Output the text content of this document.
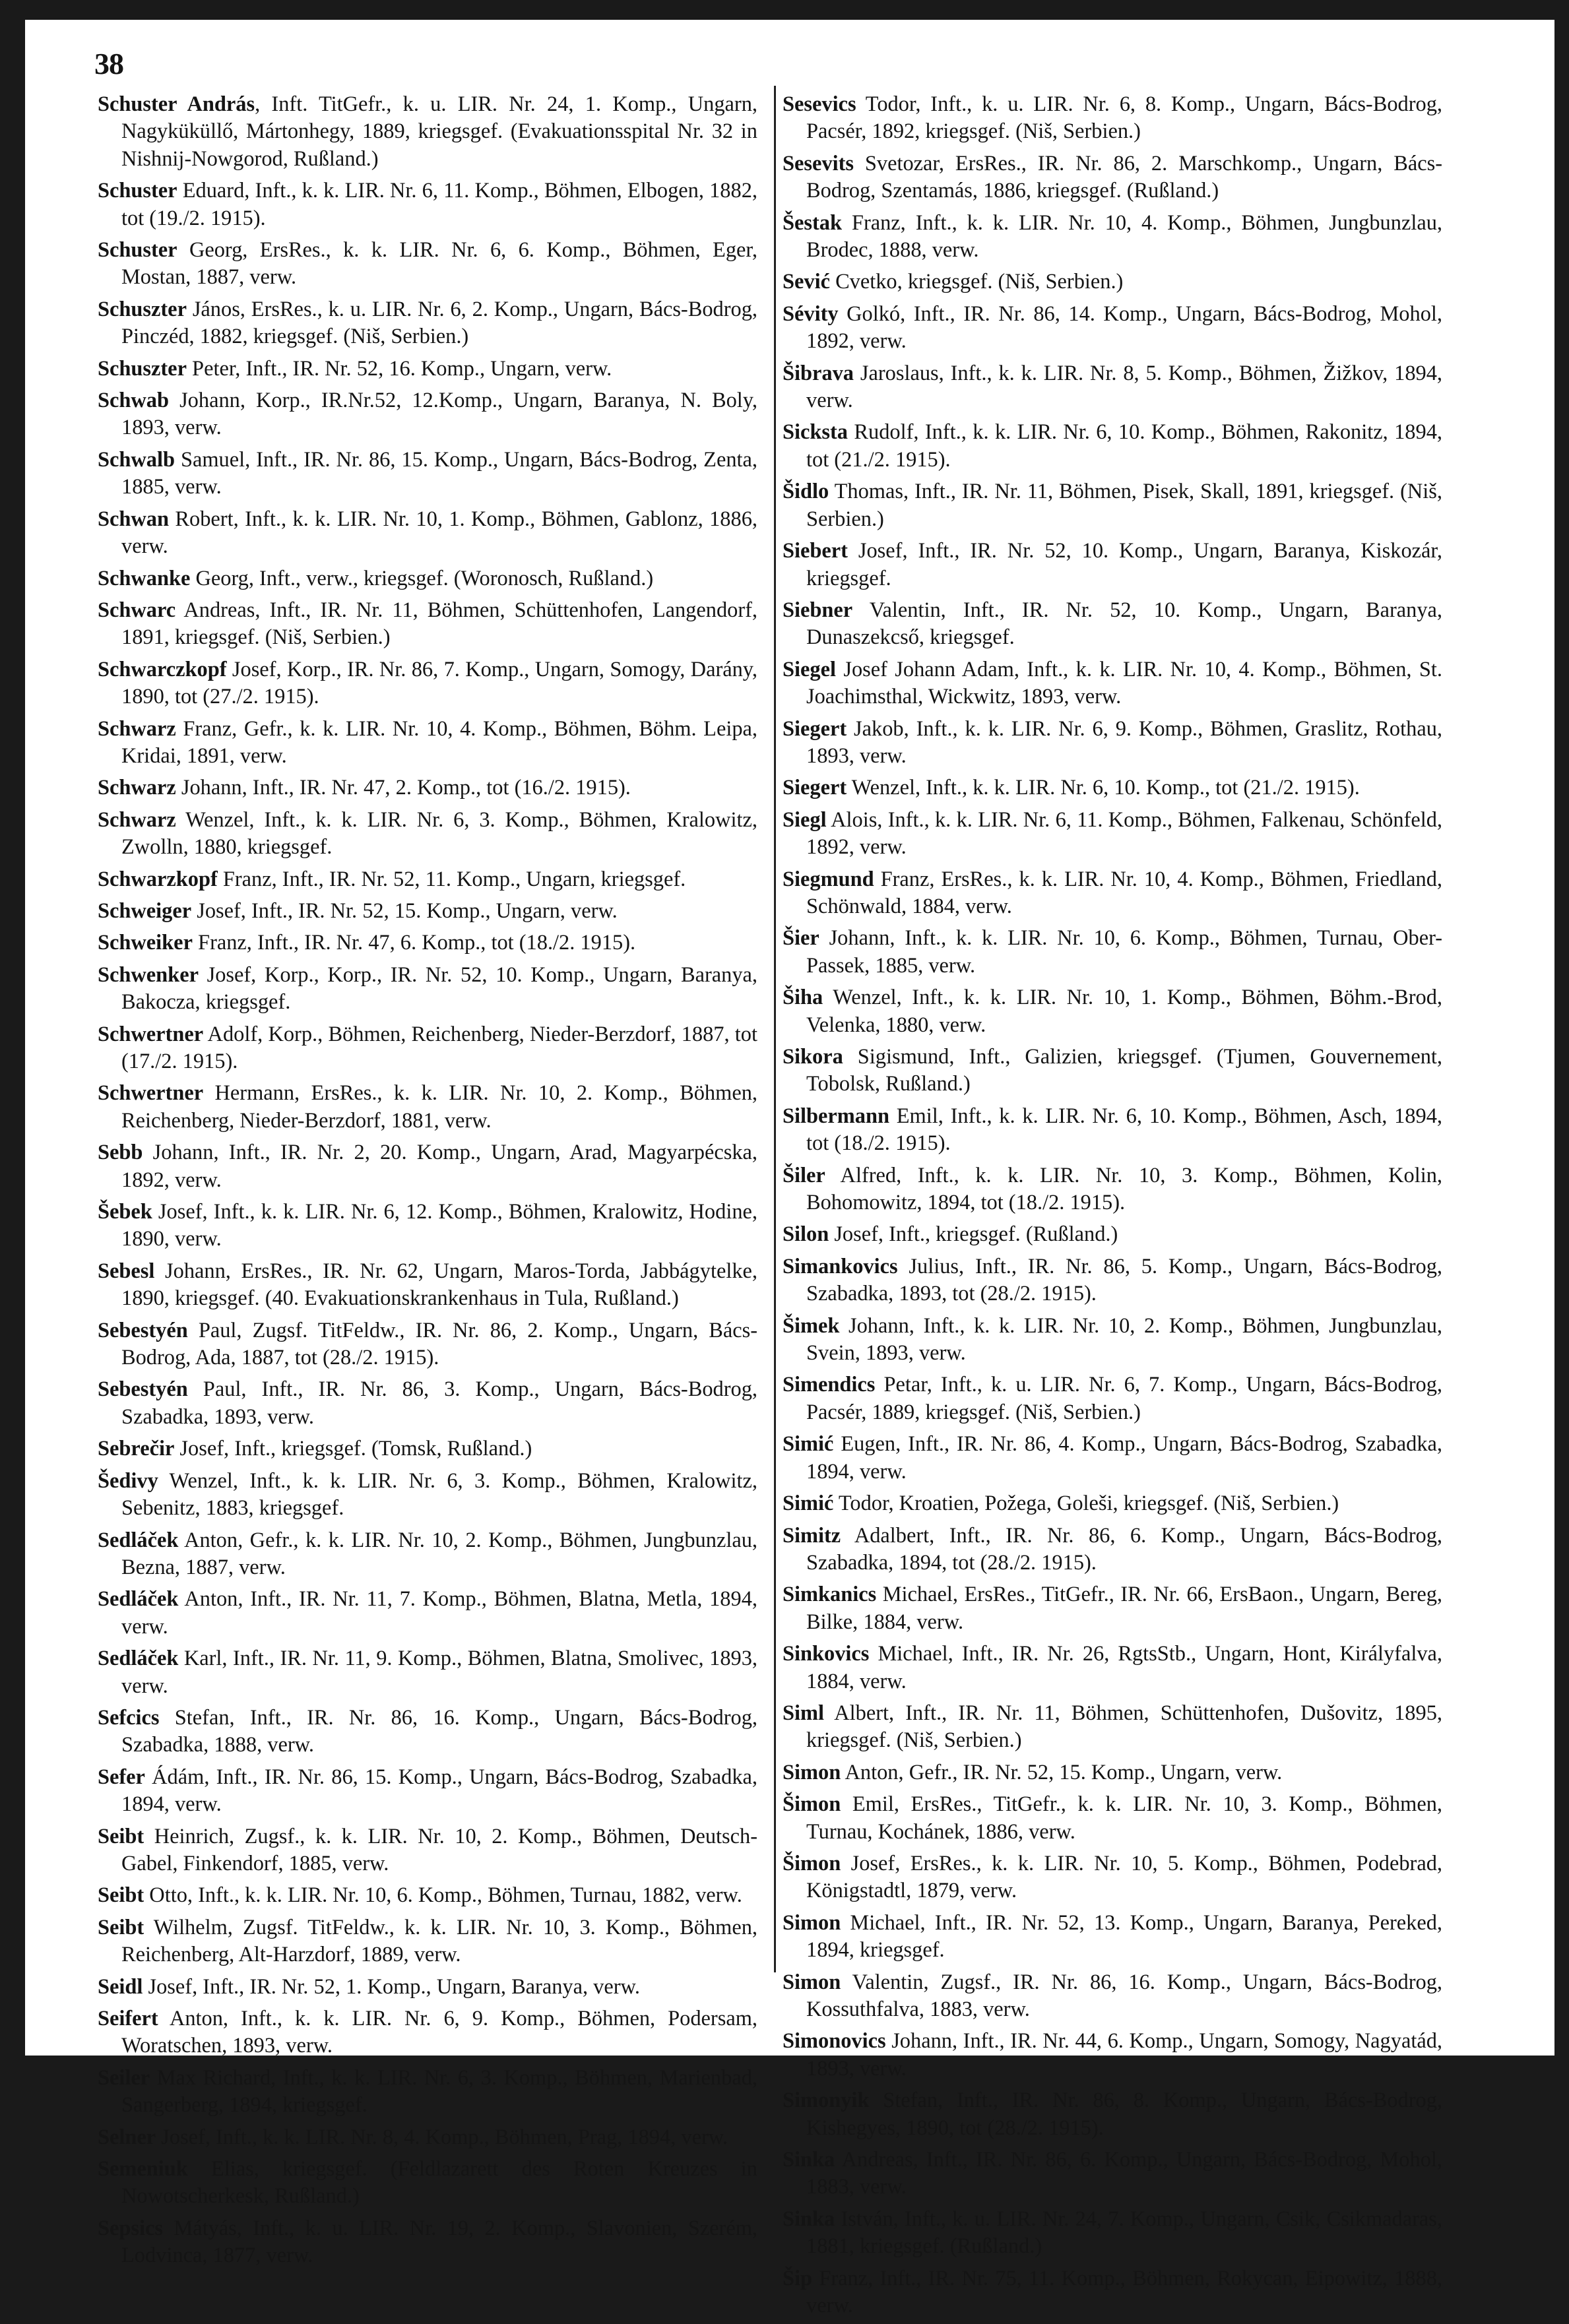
38
Schuster András, Inft. TitGefr., k. u. LIR. Nr. 24, 1. Komp., Ungarn, Nagyküküllő, Mártonhegy, 1889, kriegsgef. (Evakuationsspital Nr. 32 in Nishnij-Nowgorod, Rußland.)
Schuster Eduard, Inft., k. k. LIR. Nr. 6, 11. Komp., Böhmen, Elbogen, 1882, tot (19./2. 1915).
Schuster Georg, ErsRes., k. k. LIR. Nr. 6, 6. Komp., Böhmen, Eger, Mostan, 1887, verw.
Schuszter János, ErsRes., k. u. LIR. Nr. 6, 2. Komp., Ungarn, Bács-Bodrog, Pinczéd, 1882, kriegsgef. (Niš, Serbien.)
Schuszter Peter, Inft., IR. Nr. 52, 16. Komp., Ungarn, verw.
Schwab Johann, Korp., IR.Nr.52, 12.Komp., Ungarn, Baranya, N. Boly, 1893, verw.
Schwalb Samuel, Inft., IR. Nr. 86, 15. Komp., Ungarn, Bács-Bodrog, Zenta, 1885, verw.
Schwan Robert, Inft., k. k. LIR. Nr. 10, 1. Komp., Böhmen, Gablonz, 1886, verw.
Schwanke Georg, Inft., verw., kriegsgef. (Woronosch, Rußland.)
Schwarc Andreas, Inft., IR. Nr. 11, Böhmen, Schüttenhofen, Langendorf, 1891, kriegsgef. (Niš, Serbien.)
Schwarczkopf Josef, Korp., IR. Nr. 86, 7. Komp., Ungarn, Somogy, Darány, 1890, tot (27./2. 1915).
Schwarz Franz, Gefr., k. k. LIR. Nr. 10, 4. Komp., Böhmen, Böhm. Leipa, Kridai, 1891, verw.
Schwarz Johann, Inft., IR. Nr. 47, 2. Komp., tot (16./2. 1915).
Schwarz Wenzel, Inft., k. k. LIR. Nr. 6, 3. Komp., Böhmen, Kralowitz, Zwolln, 1880, kriegsgef.
Schwarzkopf Franz, Inft., IR. Nr. 52, 11. Komp., Ungarn, kriegsgef.
Schweiger Josef, Inft., IR. Nr. 52, 15. Komp., Ungarn, verw.
Schweiker Franz, Inft., IR. Nr. 47, 6. Komp., tot (18./2. 1915).
Schwenker Josef, Korp., Korp., IR. Nr. 52, 10. Komp., Ungarn, Baranya, Bakocza, kriegsgef.
Schwertner Adolf, Korp., Böhmen, Reichenberg, Nieder-Berzdorf, 1887, tot (17./2. 1915).
Schwertner Hermann, ErsRes., k. k. LIR. Nr. 10, 2. Komp., Böhmen, Reichenberg, Nieder-Berzdorf, 1881, verw.
Sebb Johann, Inft., IR. Nr. 2, 20. Komp., Ungarn, Arad, Magyarpécska, 1892, verw.
Šebek Josef, Inft., k. k. LIR. Nr. 6, 12. Komp., Böhmen, Kralowitz, Hodine, 1890, verw.
Sebesl Johann, ErsRes., IR. Nr. 62, Ungarn, Maros-Torda, Jabbágytelke, 1890, kriegsgef. (40. Evakuationskrankenhaus in Tula, Rußland.)
Sebestyén Paul, Zugsf. TitFeldw., IR. Nr. 86, 2. Komp., Ungarn, Bács-Bodrog, Ada, 1887, tot (28./2. 1915).
Sebestyén Paul, Inft., IR. Nr. 86, 3. Komp., Ungarn, Bács-Bodrog, Szabadka, 1893, verw.
Sebrečir Josef, Inft., kriegsgef. (Tomsk, Rußland.)
Šedivy Wenzel, Inft., k. k. LIR. Nr. 6, 3. Komp., Böhmen, Kralowitz, Sebenitz, 1883, kriegsgef.
Sedláček Anton, Gefr., k. k. LIR. Nr. 10, 2. Komp., Böhmen, Jungbunzlau, Bezna, 1887, verw.
Sedláček Anton, Inft., IR. Nr. 11, 7. Komp., Böhmen, Blatna, Metla, 1894, verw.
Sedláček Karl, Inft., IR. Nr. 11, 9. Komp., Böhmen, Blatna, Smolivec, 1893, verw.
Sefcics Stefan, Inft., IR. Nr. 86, 16. Komp., Ungarn, Bács-Bodrog, Szabadka, 1888, verw.
Sefer Ádám, Inft., IR. Nr. 86, 15. Komp., Ungarn, Bács-Bodrog, Szabadka, 1894, verw.
Seibt Heinrich, Zugsf., k. k. LIR. Nr. 10, 2. Komp., Böhmen, Deutsch-Gabel, Finkendorf, 1885, verw.
Seibt Otto, Inft., k. k. LIR. Nr. 10, 6. Komp., Böhmen, Turnau, 1882, verw.
Seibt Wilhelm, Zugsf. TitFeldw., k. k. LIR. Nr. 10, 3. Komp., Böhmen, Reichenberg, Alt-Harzdorf, 1889, verw.
Seidl Josef, Inft., IR. Nr. 52, 1. Komp., Ungarn, Baranya, verw.
Seifert Anton, Inft., k. k. LIR. Nr. 6, 9. Komp., Böhmen, Podersam, Woratschen, 1893, verw.
Seiler Max Richard, Inft., k. k. LIR. Nr. 6, 3. Komp., Böhmen, Marienbad, Sangerberg, 1894, kriegsgef.
Selner Josef, Inft., k. k. LIR. Nr. 8, 4. Komp., Böhmen, Prag, 1894, verw.
Semeniuk Elias, kriegsgef. (Feldlazarett des Roten Kreuzes in Nowotscherkesk, Rußland.)
Sepsics Mátyás, Inft., k. u. LIR. Nr. 19, 2. Komp., Slavonien, Szerém, Lodvinca, 1877, verw.
Sesevics Todor, Inft., k. u. LIR. Nr. 6, 8. Komp., Ungarn, Bács-Bodrog, Pacsér, 1892, kriegsgef. (Niš, Serbien.)
Sesevits Svetozar, ErsRes., IR. Nr. 86, 2. Marschkomp., Ungarn, Bács-Bodrog, Szentamás, 1886, kriegsgef. (Rußland.)
Šestak Franz, Inft., k. k. LIR. Nr. 10, 4. Komp., Böhmen, Jungbunzlau, Brodec, 1888, verw.
Sević Cvetko, kriegsgef. (Niš, Serbien.)
Sévity Golkó, Inft., IR. Nr. 86, 14. Komp., Ungarn, Bács-Bodrog, Mohol, 1892, verw.
Šibrava Jaroslaus, Inft., k. k. LIR. Nr. 8, 5. Komp., Böhmen, Žižkov, 1894, verw.
Sicksta Rudolf, Inft., k. k. LIR. Nr. 6, 10. Komp., Böhmen, Rakonitz, 1894, tot (21./2. 1915).
Šidlo Thomas, Inft., IR. Nr. 11, Böhmen, Pisek, Skall, 1891, kriegsgef. (Niš, Serbien.)
Siebert Josef, Inft., IR. Nr. 52, 10. Komp., Ungarn, Baranya, Kiskozár, kriegsgef.
Siebner Valentin, Inft., IR. Nr. 52, 10. Komp., Ungarn, Baranya, Dunaszekcső, kriegsgef.
Siegel Josef Johann Adam, Inft., k. k. LIR. Nr. 10, 4. Komp., Böhmen, St. Joachimsthal, Wickwitz, 1893, verw.
Siegert Jakob, Inft., k. k. LIR. Nr. 6, 9. Komp., Böhmen, Graslitz, Rothau, 1893, verw.
Siegert Wenzel, Inft., k. k. LIR. Nr. 6, 10. Komp., tot (21./2. 1915).
Siegl Alois, Inft., k. k. LIR. Nr. 6, 11. Komp., Böhmen, Falkenau, Schönfeld, 1892, verw.
Siegmund Franz, ErsRes., k. k. LIR. Nr. 10, 4. Komp., Böhmen, Friedland, Schönwald, 1884, verw.
Šier Johann, Inft., k. k. LIR. Nr. 10, 6. Komp., Böhmen, Turnau, Ober-Passek, 1885, verw.
Šiha Wenzel, Inft., k. k. LIR. Nr. 10, 1. Komp., Böhmen, Böhm.-Brod, Velenka, 1880, verw.
Sikora Sigismund, Inft., Galizien, kriegsgef. (Tjumen, Gouvernement, Tobolsk, Rußland.)
Silbermann Emil, Inft., k. k. LIR. Nr. 6, 10. Komp., Böhmen, Asch, 1894, tot (18./2. 1915).
Šiler Alfred, Inft., k. k. LIR. Nr. 10, 3. Komp., Böhmen, Kolin, Bohomowitz, 1894, tot (18./2. 1915).
Silon Josef, Inft., kriegsgef. (Rußland.)
Simankovics Julius, Inft., IR. Nr. 86, 5. Komp., Ungarn, Bács-Bodrog, Szabadka, 1893, tot (28./2. 1915).
Šimek Johann, Inft., k. k. LIR. Nr. 10, 2. Komp., Böhmen, Jungbunzlau, Svein, 1893, verw.
Simendics Petar, Inft., k. u. LIR. Nr. 6, 7. Komp., Ungarn, Bács-Bodrog, Pacsér, 1889, kriegsgef. (Niš, Serbien.)
Simić Eugen, Inft., IR. Nr. 86, 4. Komp., Ungarn, Bács-Bodrog, Szabadka, 1894, verw.
Simić Todor, Kroatien, Požega, Goleši, kriegsgef. (Niš, Serbien.)
Simitz Adalbert, Inft., IR. Nr. 86, 6. Komp., Ungarn, Bács-Bodrog, Szabadka, 1894, tot (28./2. 1915).
Simkanics Michael, ErsRes., TitGefr., IR. Nr. 66, ErsBaon., Ungarn, Bereg, Bilke, 1884, verw.
Sinkovics Michael, Inft., IR. Nr. 26, RgtsStb., Ungarn, Hont, Királyfalva, 1884, verw.
Siml Albert, Inft., IR. Nr. 11, Böhmen, Schüttenhofen, Dušovitz, 1895, kriegsgef. (Niš, Serbien.)
Simon Anton, Gefr., IR. Nr. 52, 15. Komp., Ungarn, verw.
Šimon Emil, ErsRes., TitGefr., k. k. LIR. Nr. 10, 3. Komp., Böhmen, Turnau, Kochánek, 1886, verw.
Šimon Josef, ErsRes., k. k. LIR. Nr. 10, 5. Komp., Böhmen, Podebrad, Königstadtl, 1879, verw.
Simon Michael, Inft., IR. Nr. 52, 13. Komp., Ungarn, Baranya, Pereked, 1894, kriegsgef.
Simon Valentin, Zugsf., IR. Nr. 86, 16. Komp., Ungarn, Bács-Bodrog, Kossuthfalva, 1883, verw.
Simonovics Johann, Inft., IR. Nr. 44, 6. Komp., Ungarn, Somogy, Nagyatád, 1893, verw.
Simonyik Stefan, Inft., IR. Nr. 86, 8. Komp., Ungarn, Bács-Bodrog, Kishegyes, 1890, tot (28./2. 1915).
Sinka Andreas, Inft., IR. Nr. 86, 6. Komp., Ungarn, Bács-Bodrog, Mohol, 1883, verw.
Sinka István, Inft., k. u. LIR. Nr. 24, 7. Komp., Ungarn, Csik, Csikmadaras, 1881, kriegsgef. (Rußland.)
Šip Franz, Inft., IR. Nr. 75, 11. Komp., Böhmen, Rokycan, Eipowitz, 1888, verw.
